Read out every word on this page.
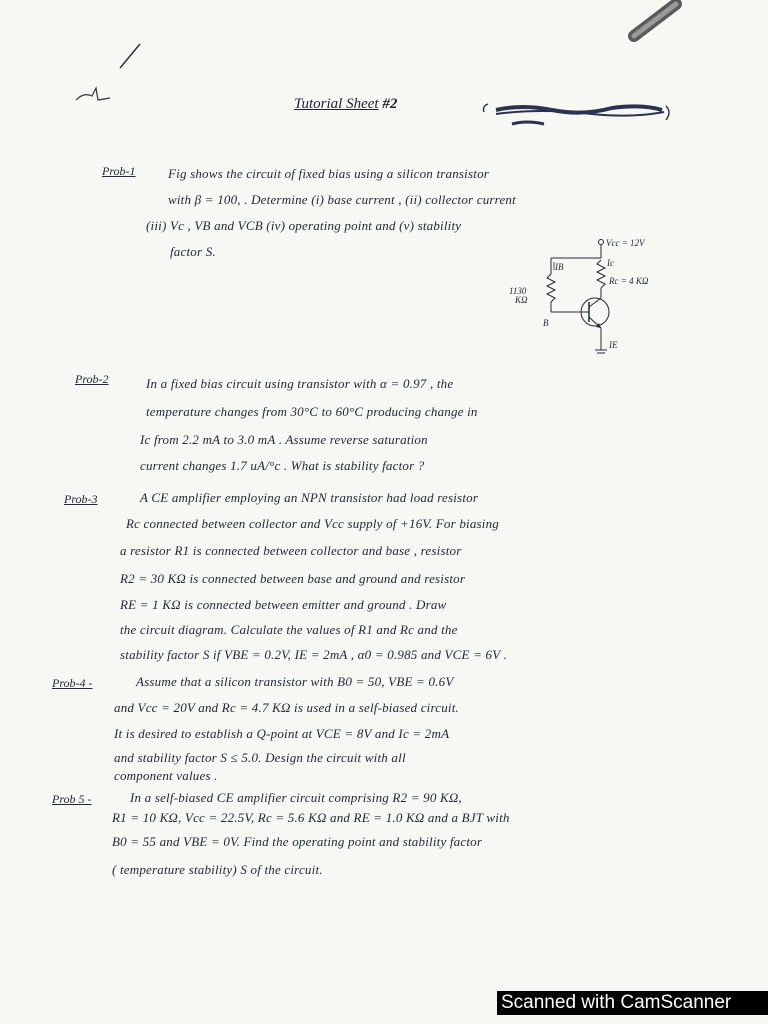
Tutorial Sheet #2
Prob-1 Fig shows the circuit of fixed bias using a silicon transistor
with β = 100, . Determine (i) base current , (ii) collector current
(iii) Vc , VB and VCB (iv) operating point and (v) stability
factor S.
Vcc = 12V
1130
KΩ
IB	Ic
Rc = 4 KΩ
B
IE
Prob-2	In a fixed bias circuit using transistor with α = 0.97 , the
temperature changes from 30°C to 60°C producing change in
Ic from 2.2 mA to 3.0 mA . Assume reverse saturation
current changes 1.7 uA/°c . What is stability factor ?
Prob-3	A CE amplifier employing an NPN transistor had load resistor
Rc connected between collector and Vcc supply of +16V. For biasing
a resistor R1 is connected between collector and base , resistor
R2 = 30 KΩ is connected between base and ground and resistor
RE = 1 KΩ is connected between emitter and ground . Draw
the circuit diagram. Calculate the values of R1 and Rc and the
stability factor S if VBE = 0.2V, IE = 2mA , α0 = 0.985 and VCE = 6V .
Prob-4 -	Assume that a silicon transistor with B0 = 50, VBE = 0.6V
and Vcc = 20V and Rc = 4.7 KΩ is used in a self-biased circuit.
It is desired to establish a Q-point at VCE = 8V and Ic = 2mA
and stability factor S ≤ 5.0. Design the circuit with all
component values .
Prob 5 -	In a self-biased CE amplifier circuit comprising R2 = 90 KΩ,
R1 = 10 KΩ, Vcc = 22.5V, Rc = 5.6 KΩ and RE = 1.0 KΩ and a BJT with
B0 = 55 and VBE = 0V. Find the operating point and stability factor
( temperature stability) S of the circuit.
Scanned with CamScanner
